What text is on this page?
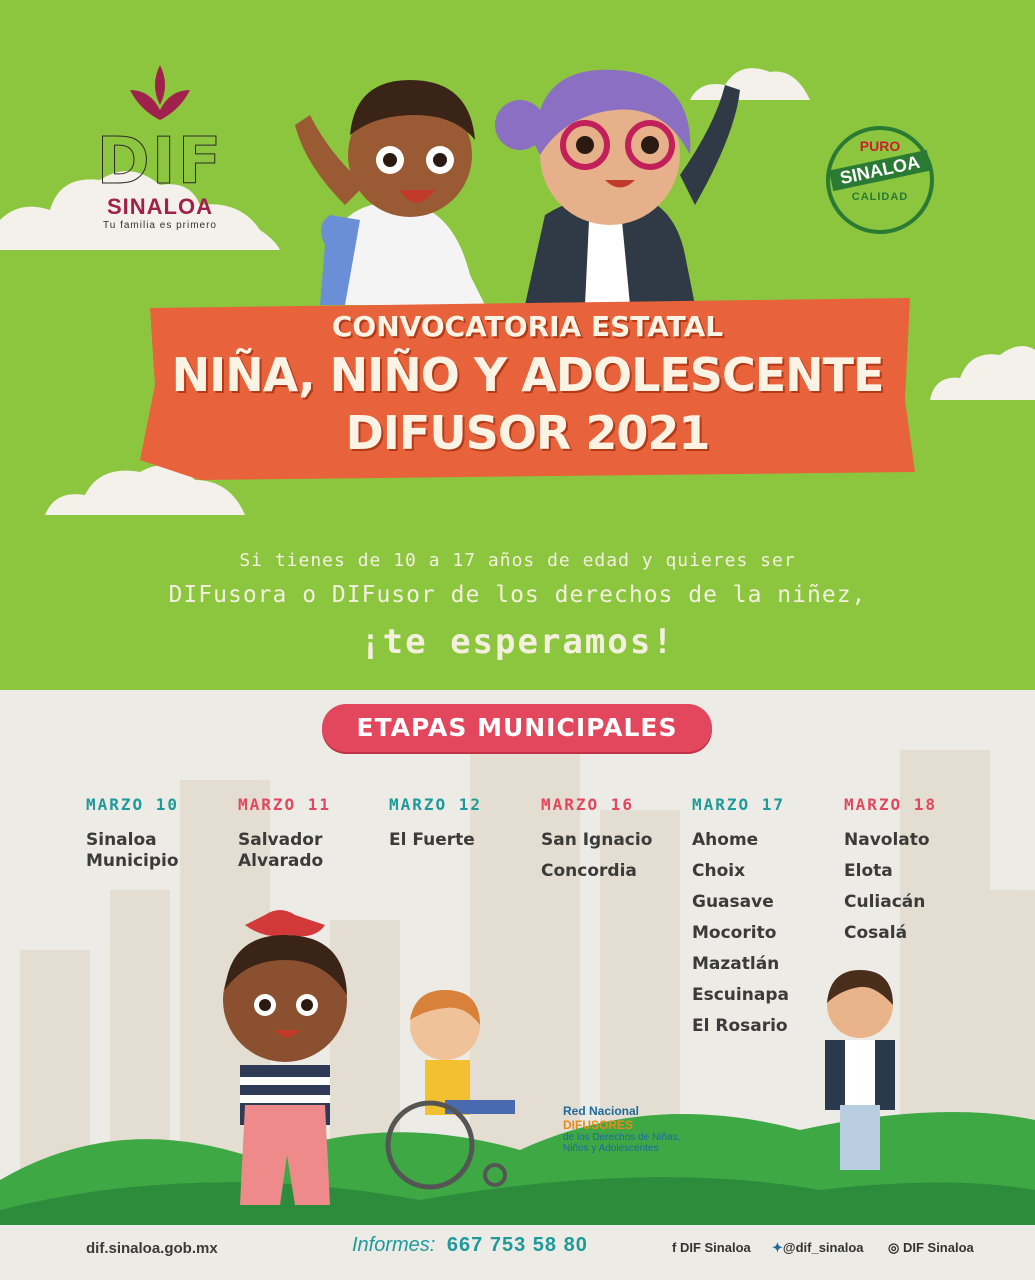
DIF
SINALOA
Tu familia es primero
PURO
SINALOA
CALIDAD
CONVOCATORIA ESTATAL
NIÑA, NIÑO Y ADOLESCENTE
DIFUSOR 2021
Si tienes de 10 a 17 años de edad y quieres ser
DIFusora o DIFusor de los derechos de la niñez,
¡te esperamos!
ETAPAS MUNICIPALES
MARZO 10
Sinaloa Municipio
MARZO 11
Salvador Alvarado
MARZO 12
El Fuerte
MARZO 16
San Ignacio
Concordia
MARZO 17
Ahome
Choix
Guasave
Mocorito
Mazatlán
Escuinapa
El Rosario
MARZO 18
Navolato
Elota
Culiacán
Cosalá
Red Nacional
DIFUSORES
de los Derechos de Niñas, Niños y Adolescentes
dif.sinaloa.gob.mx	Informes: 667 753 58 80	f DIF Sinaloa ✦@dif_sinaloa ◎ DIF Sinaloa
